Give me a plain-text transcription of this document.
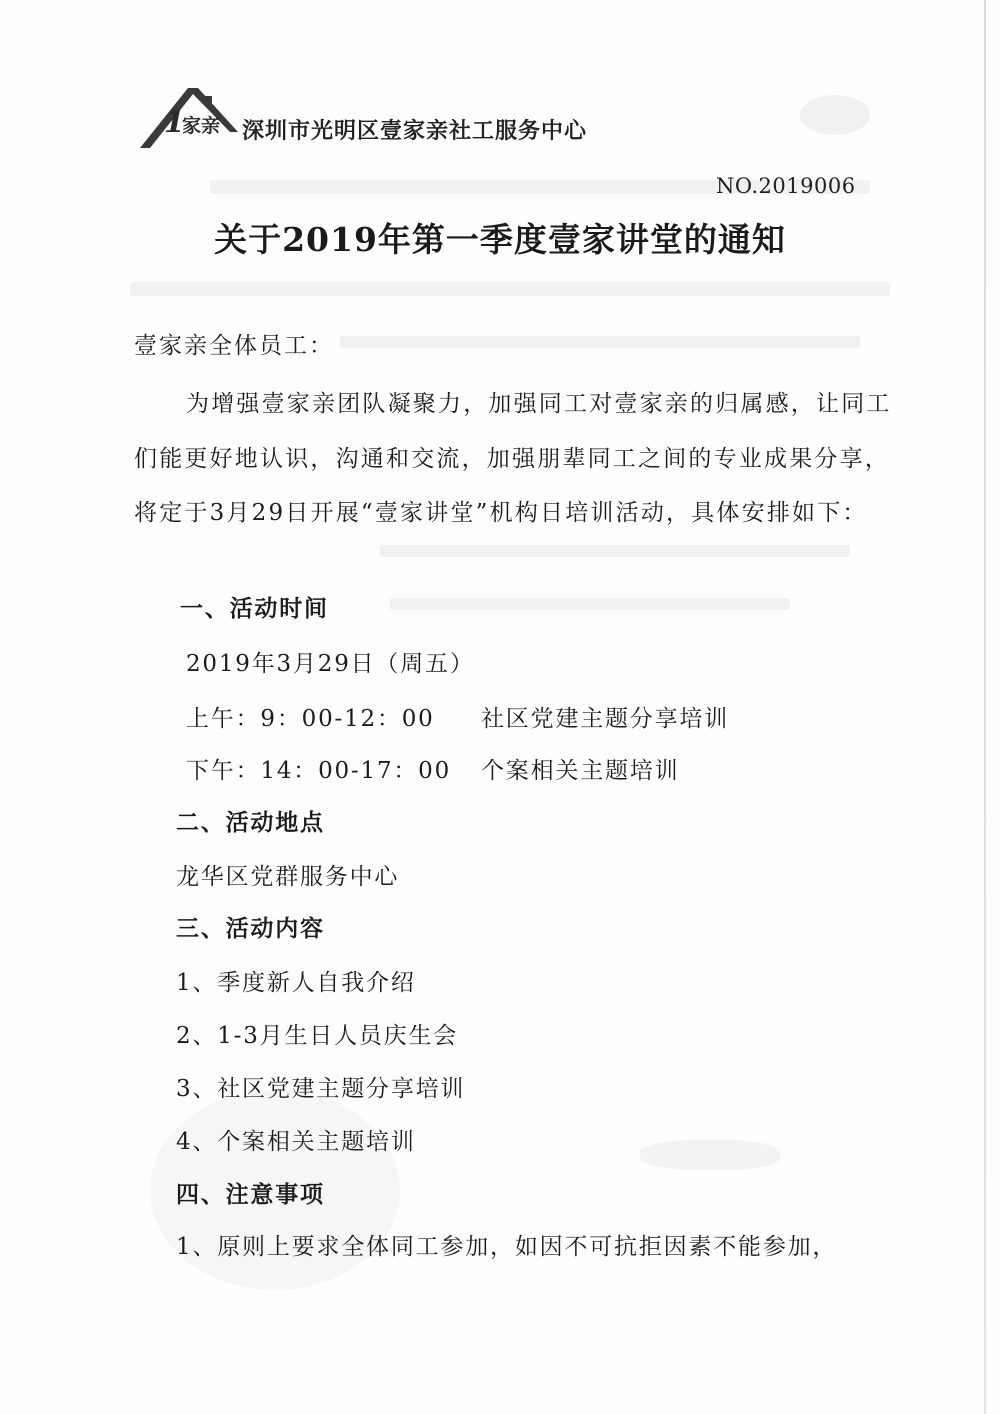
1
家亲 深圳市光明区壹家亲社工服务中心
NO.2019006
关于2019年第一季度壹家讲堂的通知
壹家亲全体员工：

为增强壹家亲团队凝聚力，加强同工对壹家亲的归属感，让同工们能更好地认识，沟通和交流，加强朋辈同工之间的专业成果分享，将定于3月29日开展“壹家讲堂”机构日培训活动，具体安排如下：

一、活动时间
2019年3月29日（周五）
上午：9：00-12：00 社区党建主题分享培训
下午：14：00-17：00 个案相关主题培训
二、活动地点
龙华区党群服务中心
三、活动内容
1、季度新人自我介绍
2、1-3月生日人员庆生会
3、社区党建主题分享培训
4、个案相关主题培训
四、注意事项
1、原则上要求全体同工参加，如因不可抗拒因素不能参加，
